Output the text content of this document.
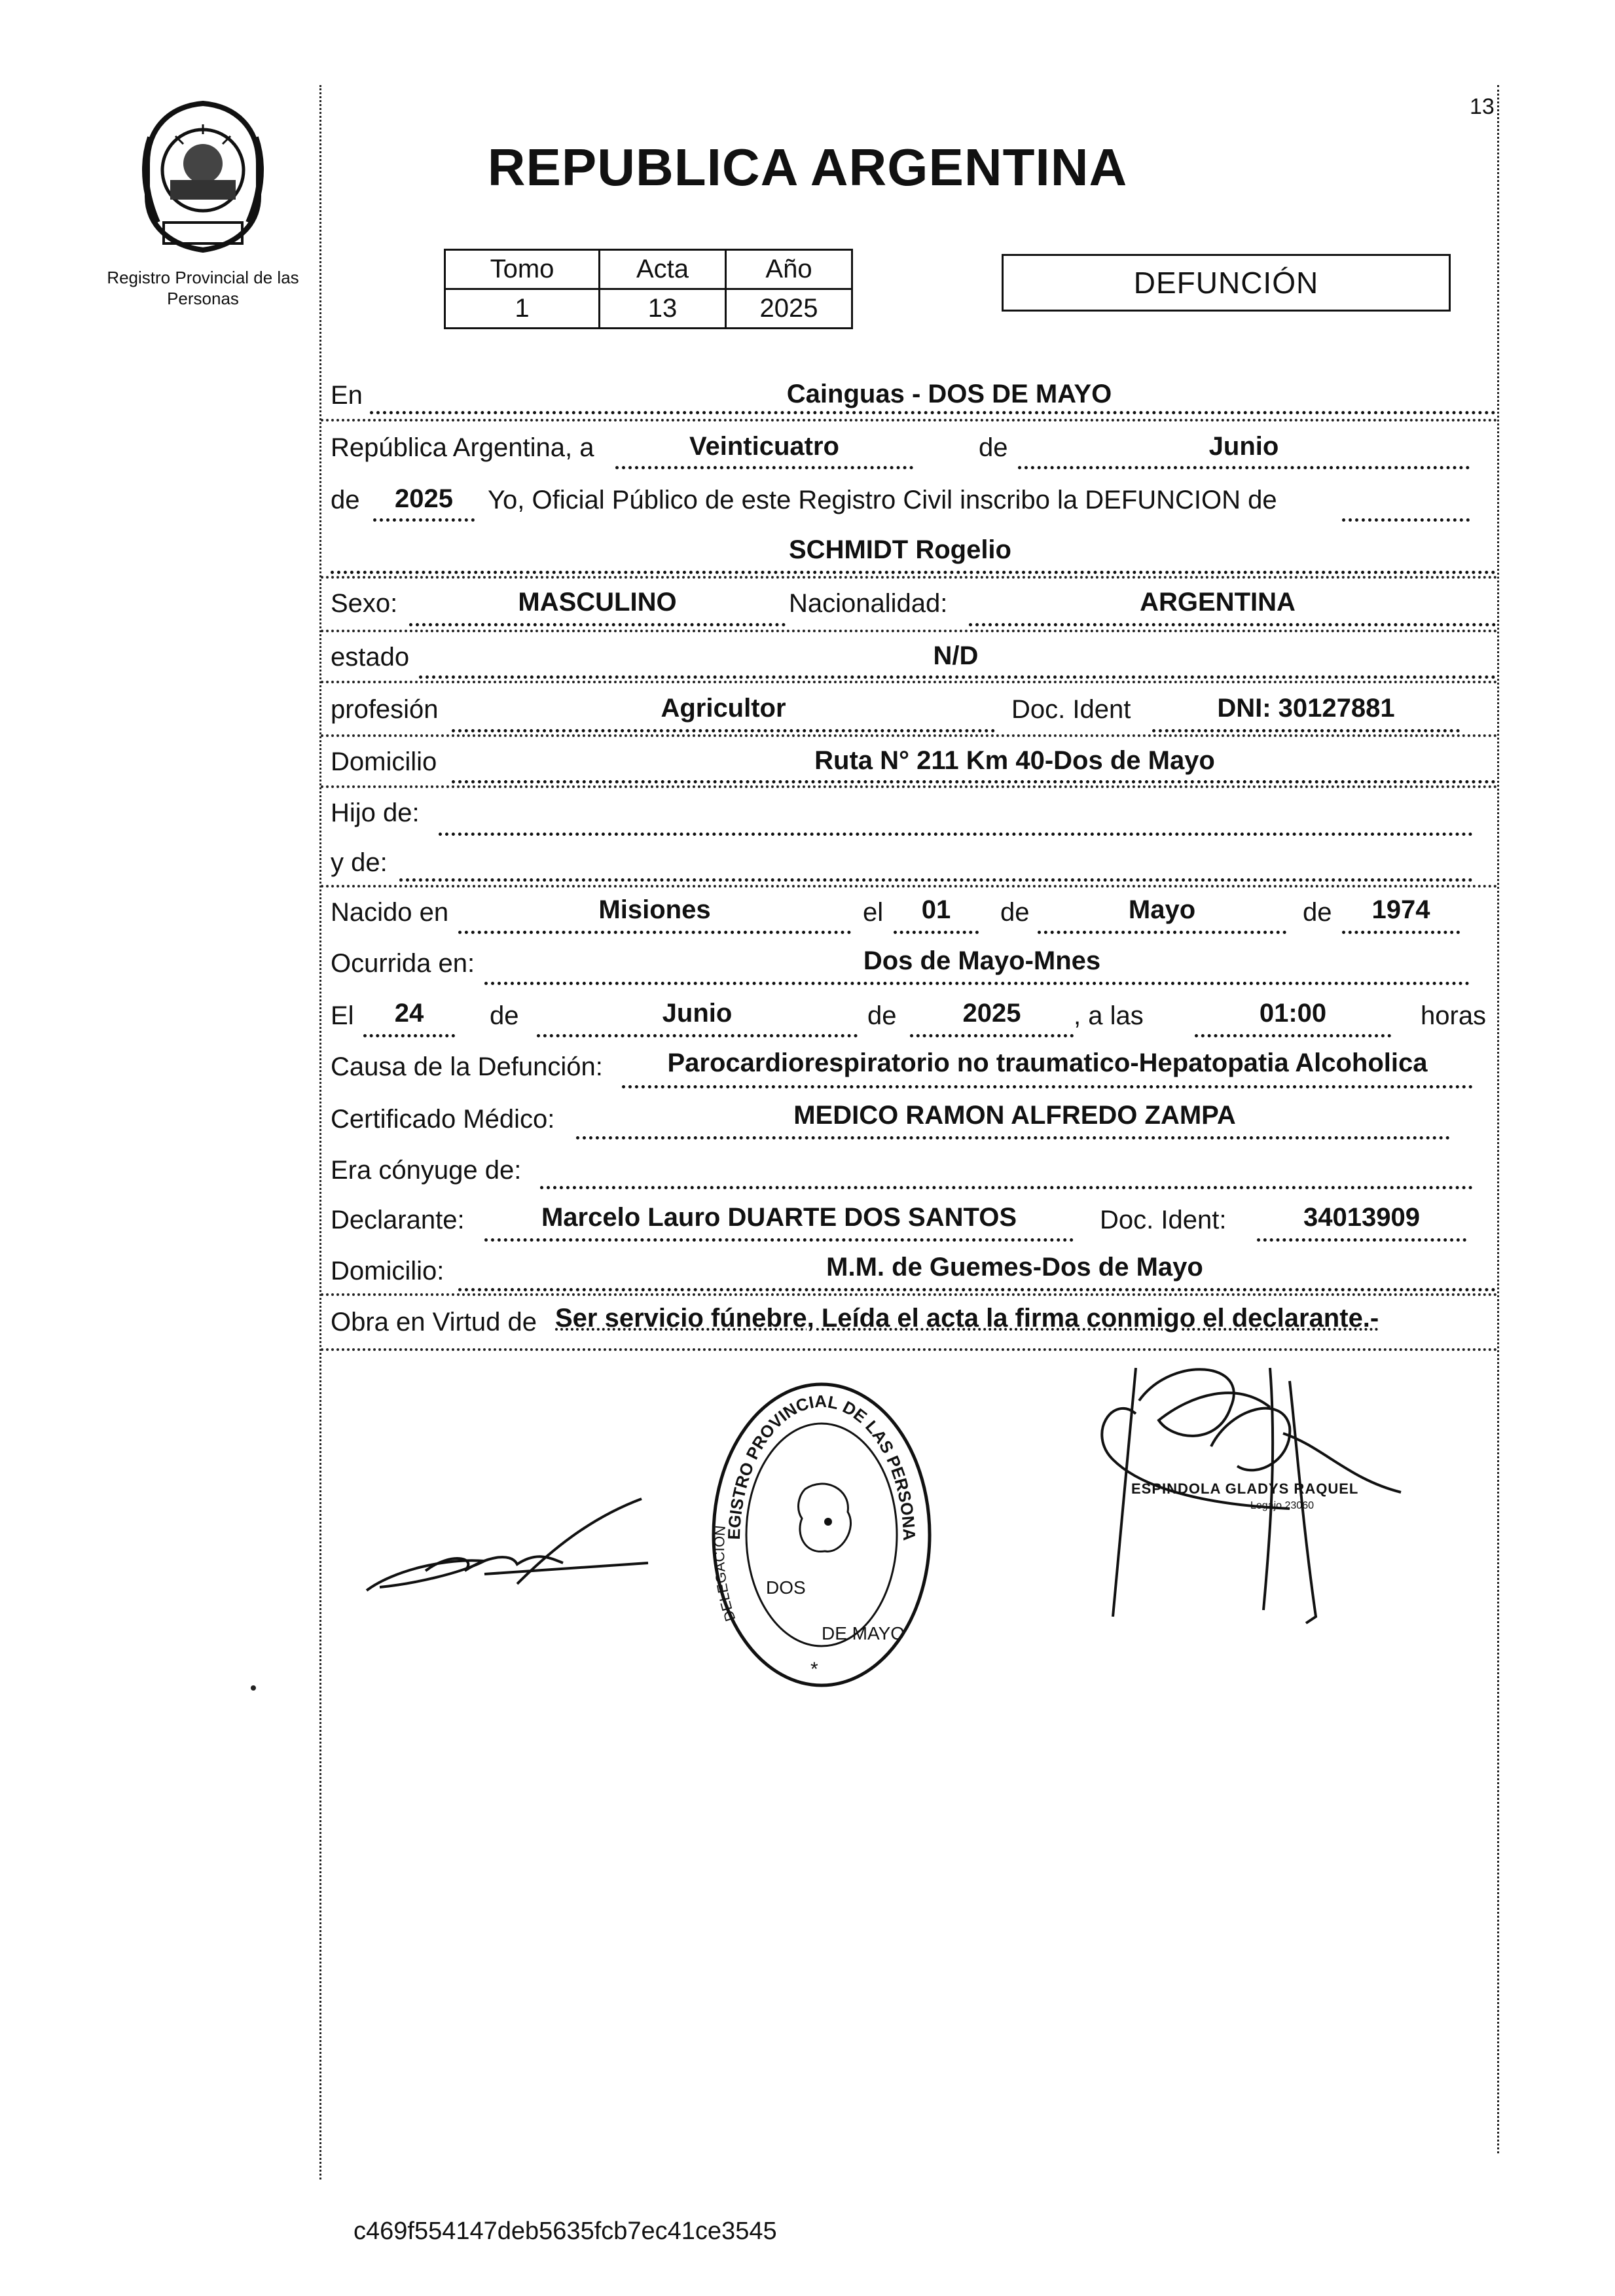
Registro Provincial de las Personas
13
REPUBLICA ARGENTINA
Tomo	Acta	Año
1	13	2025
DEFUNCIÓN
En	Cainguas - DOS DE MAYO
República Argentina, a	Veinticuatro	de	Junio
de	2025	Yo, Oficial Público de este Registro Civil inscribo la DEFUNCION de
SCHMIDT Rogelio
Sexo:	MASCULINO	Nacionalidad:	ARGENTINA
estado	N/D
profesión	Agricultor	Doc. Ident	DNI: 30127881
Domicilio	Ruta N° 211 Km 40-Dos de Mayo
Hijo de:
y de:
Nacido en	Misiones	el	01	de	Mayo	de	1974
Ocurrida en:	Dos de Mayo-Mnes
El	24	de	Junio	de	2025	, a las	01:00	horas
Causa de la Defunción:	Parocardiorespiratorio no traumatico-Hepatopatia Alcoholica
Certificado Médico:	MEDICO RAMON ALFREDO ZAMPA
Era cónyuge de:
Declarante:	Marcelo Lauro DUARTE DOS SANTOS	Doc. Ident:	34013909
Domicilio:	M.M. de Guemes-Dos de Mayo
Obra en Virtud de Ser servicio fúnebre, Leída el acta la firma conmigo el declarante.-
EGISTRO PROVINCIAL DE LAS PERSONA
DELEGACION
DOS
DE MAYO
*
ESPINDOLA GLADYS RAQUEL
Legajo 23060
c469f554147deb5635fcb7ec41ce3545
